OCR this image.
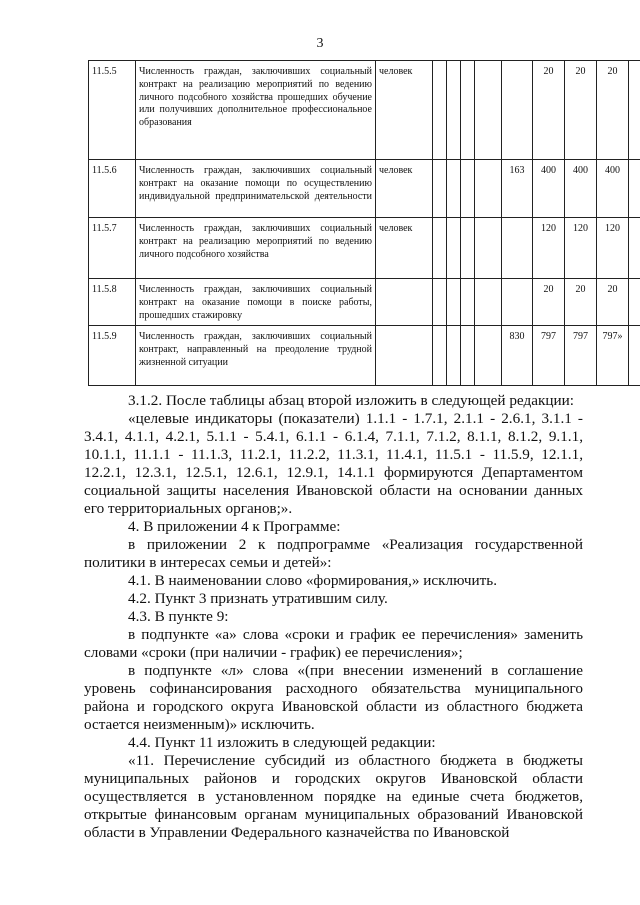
3
11.5.5	Численность граждан, заключивших социальный контракт на реализацию мероприятий по ведению личного подсобного хозяйства прошедших обучение или получивших дополнительное профессиональное образования	человек						20	20	20	
11.5.6	Численность граждан, заключивших социальный контракт на оказание помощи по осуществлению индивидуальной предпринимательской деятельности	человек					163	400	400	400	
11.5.7	Численность граждан, заключивших социальный контракт на реализацию мероприятий по ведению личного подсобного хозяйства	человек						120	120	120	
11.5.8	Численность граждан, заключивших социальный контракт на оказание помощи в поиске работы, прошедших стажировку							20	20	20	
11.5.9	Численность граждан, заключивших социальный контракт, направленный на преодоление трудной жизненной ситуации						830	797	797	797»	

3.1.2. После таблицы абзац второй изложить в следующей редакции:

«целевые индикаторы (показатели) 1.1.1 - 1.7.1, 2.1.1 - 2.6.1, 3.1.1 - 3.4.1, 4.1.1, 4.2.1, 5.1.1 - 5.4.1, 6.1.1 - 6.1.4, 7.1.1, 7.1.2, 8.1.1, 8.1.2, 9.1.1, 10.1.1, 11.1.1 - 11.1.3, 11.2.1, 11.2.2, 11.3.1, 11.4.1, 11.5.1 - 11.5.9, 12.1.1, 12.2.1, 12.3.1, 12.5.1, 12.6.1, 12.9.1, 14.1.1 формируются Департаментом социальной защиты населения Ивановской области на основании данных его территориальных органов;».

4. В приложении 4 к Программе:

в приложении 2 к подпрограмме «Реализация государственной политики в интересах семьи и детей»:

4.1. В наименовании слово «формирования,» исключить.

4.2. Пункт 3 признать утратившим силу.

4.3. В пункте 9:

в подпункте «а» слова «сроки и график ее перечисления» заменить словами «сроки (при наличии - график) ее перечисления»;

в подпункте «л» слова «(при внесении изменений в соглашение уровень софинансирования расходного обязательства муниципального района и городского округа Ивановской области из областного бюджета остается неизменным)» исключить.

4.4. Пункт 11 изложить в следующей редакции:

«11. Перечисление субсидий из областного бюджета в бюджеты муниципальных районов и городских округов Ивановской области осуществляется в установленном порядке на единые счета бюджетов, открытые финансовым органам муниципальных образований Ивановской области в Управлении Федерального казначейства по Ивановской
